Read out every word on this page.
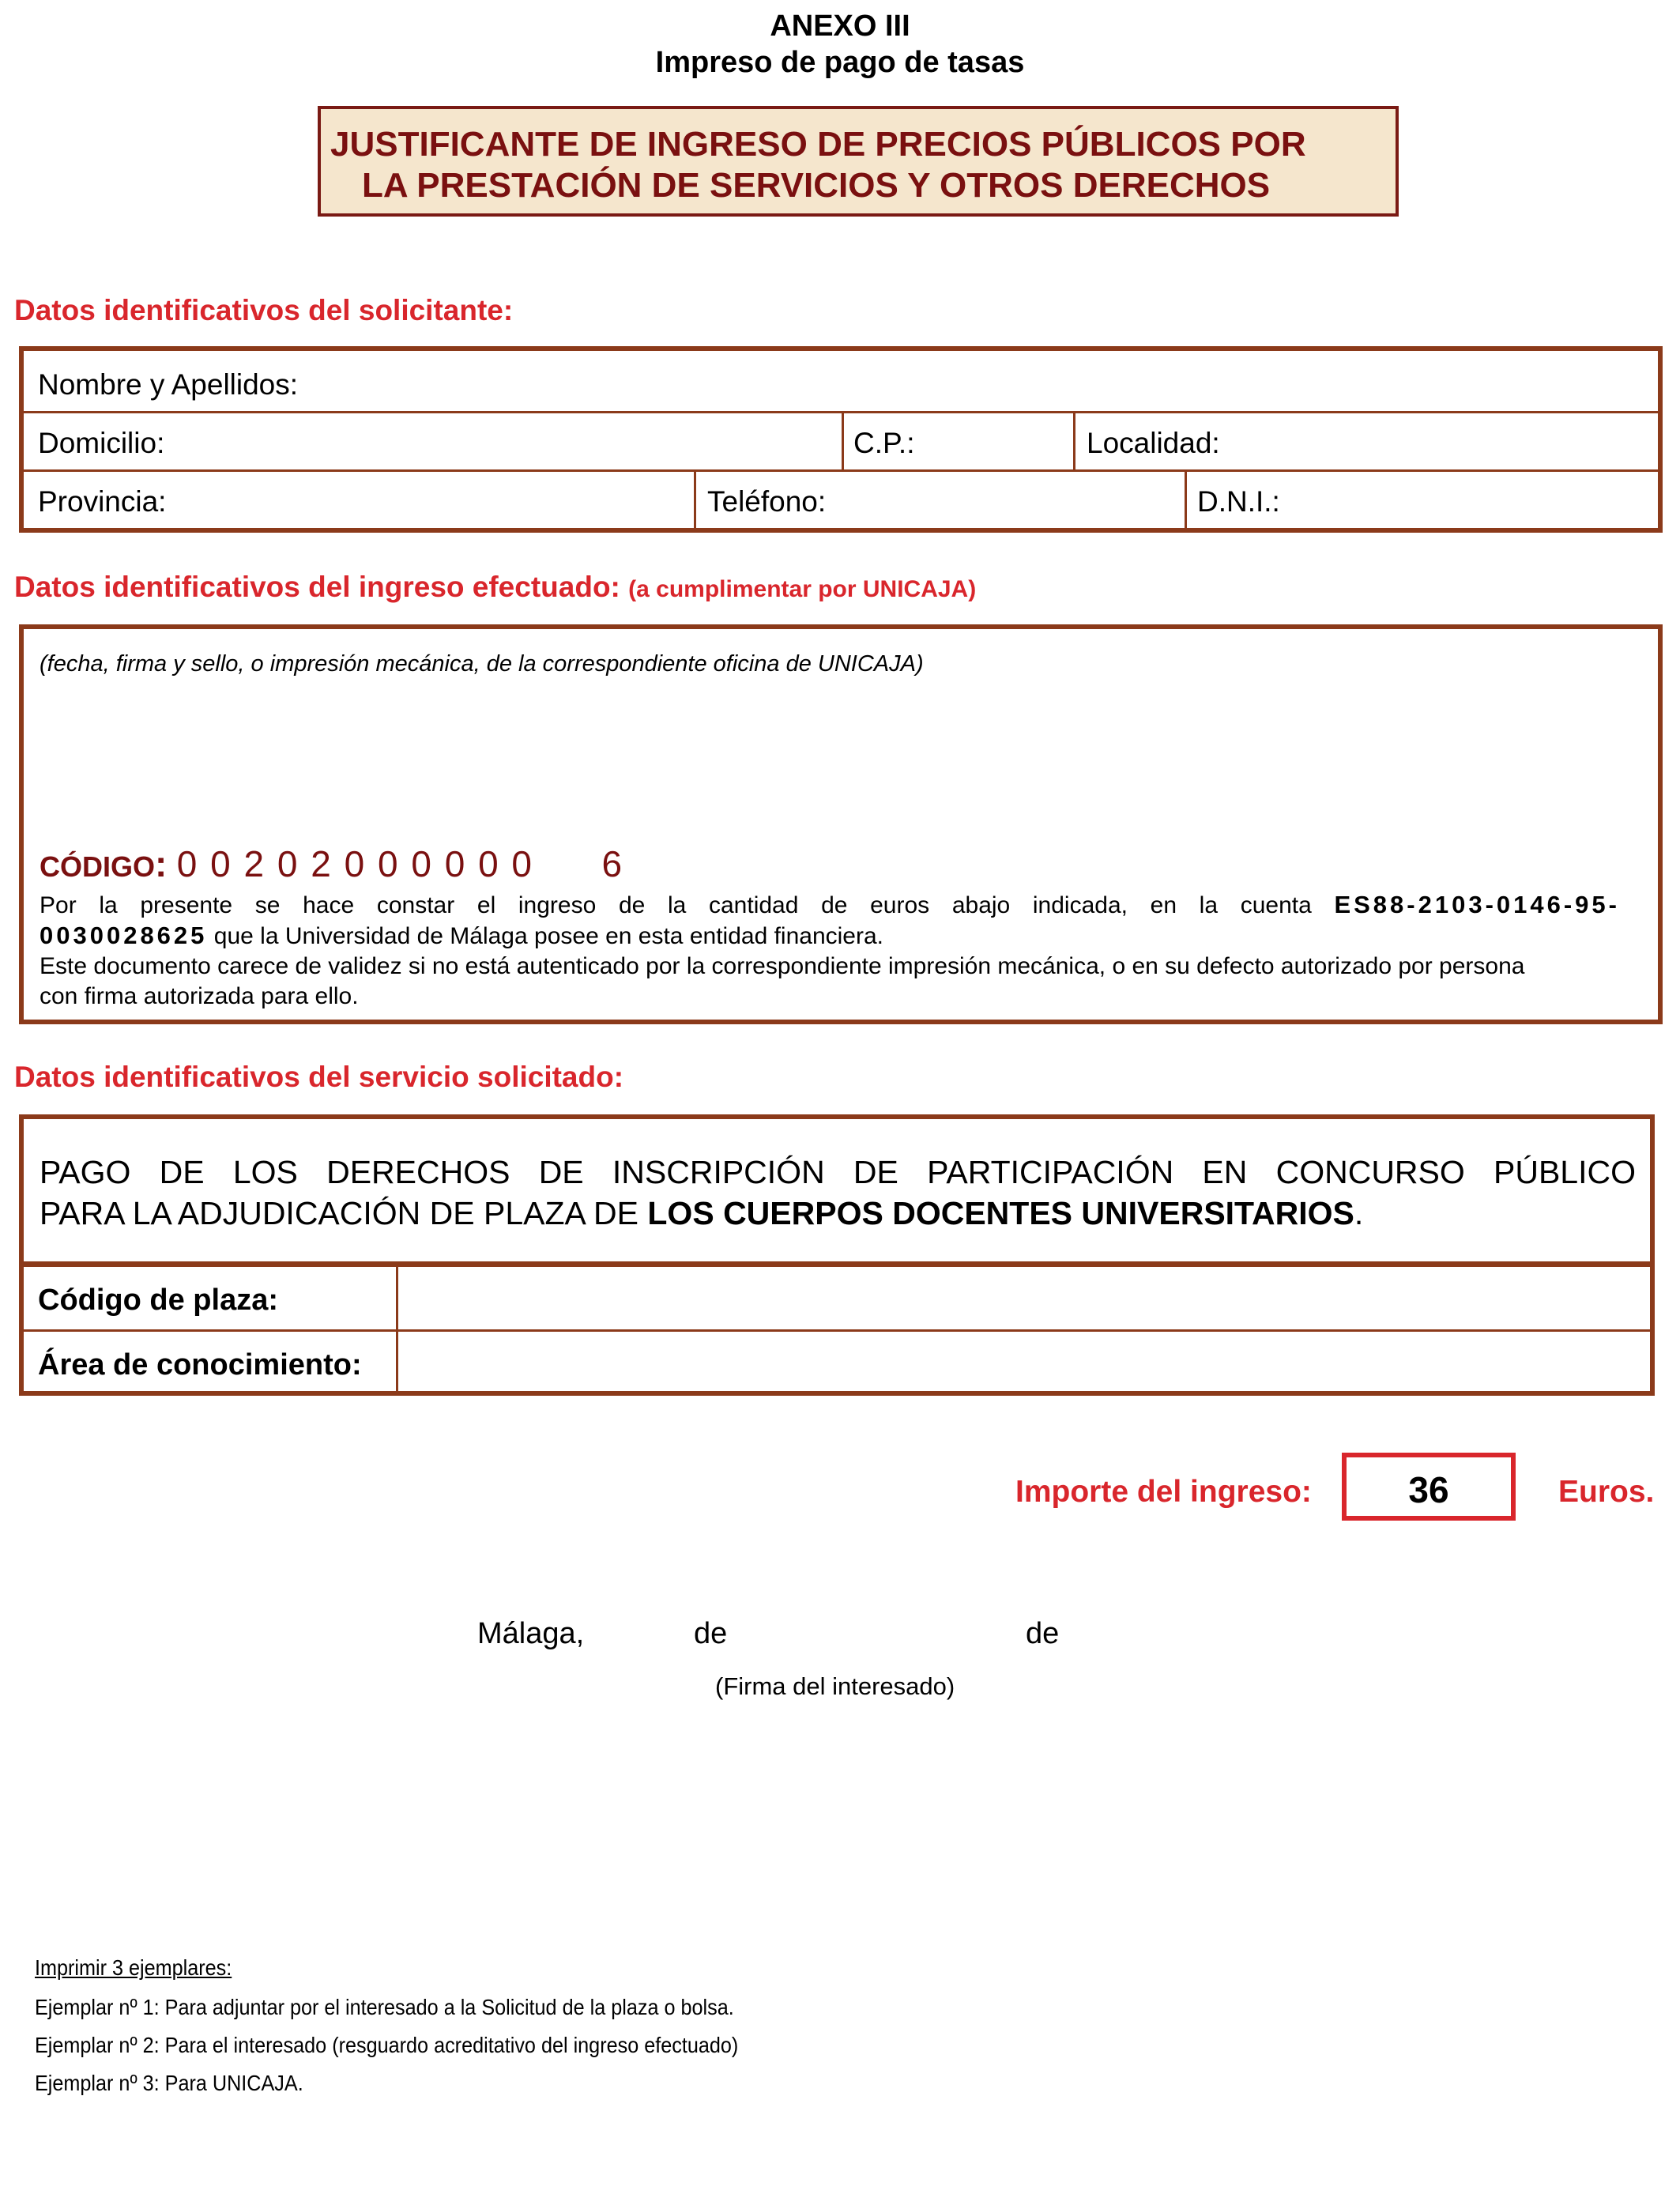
ANEXO III
Impreso de pago de tasas
JUSTIFICANTE DE INGRESO DE PRECIOS PÚBLICOS POR
LA PRESTACIÓN DE SERVICIOS Y OTROS DERECHOS
Datos identificativos del solicitante:
Nombre y Apellidos:
Domicilio:	C.P.:	Localidad:
Provincia:	Teléfono:	D.N.I.:
Datos identificativos del ingreso efectuado: (a cumplimentar por UNICAJA)
(fecha, firma y sello, o impresión mecánica, de la correspondiente oficina de UNICAJA)
CÓDIGO: 0 0 2 0 2 0 0 0 0 0 0 6
Por la presente se hace constar el ingreso de la cantidad de euros abajo indicada, en la cuenta ES88-2103-0146-95-
0030028625 que la Universidad de Málaga posee en esta entidad financiera.
Este documento carece de validez si no está autenticado por la correspondiente impresión mecánica, o en su defecto autorizado por persona
con firma autorizada para ello.
Datos identificativos del servicio solicitado:
PAGO DE LOS DERECHOS DE INSCRIPCIÓN DE PARTICIPACIÓN EN CONCURSO PÚBLICO
PARA LA ADJUDICACIÓN DE PLAZA DE LOS CUERPOS DOCENTES UNIVERSITARIOS.
Código de plaza:
Área de conocimiento:
Importe del ingreso:	36	Euros.
Málaga,	de	de
(Firma del interesado)
Imprimir 3 ejemplares:
Ejemplar nº 1: Para adjuntar por el interesado a la Solicitud de la plaza o bolsa.
Ejemplar nº 2: Para el interesado (resguardo acreditativo del ingreso efectuado)
Ejemplar nº 3: Para UNICAJA.
